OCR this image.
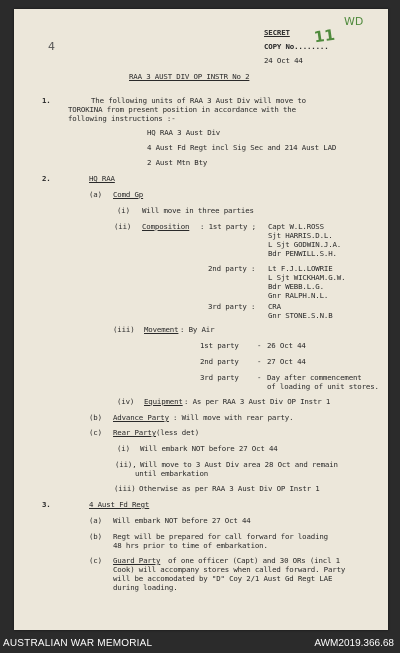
4
11
WD
SECRET
COPY No........
24 Oct 44
RAA 3 AUST DIV OP INSTR No 2
1.	The following units of RAA 3 Aust Div will move to
TOROKINA from present position in accordance with the
following instructions :-
HQ RAA 3 Aust Div
4 Aust Fd Regt incl Sig Sec and 214 Aust LAD
2 Aust Mtn Bty
2.	HQ RAA
(a) Comd Gp
(i) Will move in three parties
(ii) Composition : 1st party ; Capt W.L.ROSS
Sjt HARRIS.D.L.
L Sjt GODWIN.J.A.
Bdr PENWILL.S.H.
2nd party : Lt F.J.L.LOWRIE
L Sjt WICKHAM.G.W.
Bdr WEBB.L.G.
Gnr RALPH.N.L.
3rd party : CRA
Gnr STONE.S.N.B
(iii) Movement : By Air
1st party - 26 Oct 44
2nd party - 27 Oct 44
3rd party - Day after commencement
of loading of unit stores.
(iv) Equipment : As per RAA 3 Aust Div OP Instr 1
(b) Advance Party : Will move with rear party.
(c) Rear Party (less det)
(i) Will embark NOT before 27 Oct 44
(ii), Will move to 3 Aust Div area 28 Oct and remain
until embarkation
(iii) Otherwise as per RAA 3 Aust Div OP Instr 1
3.	4 Aust Fd Regt
(a) Will embark NOT before 27 Oct 44
(b) Regt will be prepared for call forward for loading
48 hrs prior to time of embarkation.
(c) Guard Party of one officer (Capt) and 30 ORs (incl 1
Cook) will accompany stores when called forward. Party
will be accomodated by "D" Coy 2/1 Aust Gd Regt LAE
during loading.
AUSTRALIAN WAR MEMORIAL	AWM2019.366.68
